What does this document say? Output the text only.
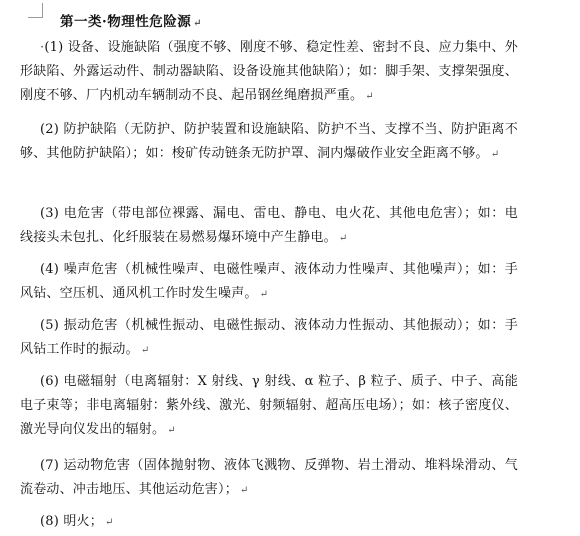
第一类·物理性危险源 ↵
·(1) 设备、设施缺陷（强度不够、刚度不够、稳定性差、密封不良、应力集中、外形缺陷、外露运动件、制动器缺陷、设备设施其他缺陷）；如：脚手架、支撑架强度、刚度不够、厂内机动车辆制动不良、起吊钢丝绳磨损严重。 ↵
(2) 防护缺陷（无防护、防护装置和设施缺陷、防护不当、支撑不当、防护距离不够、其他防护缺陷）；如：梭矿传动链条无防护罩、洞内爆破作业安全距离不够。 ↵
(3) 电危害（带电部位裸露、漏电、雷电、静电、电火花、其他电危害）；如：电线接头未包扎、化纤服装在易燃易爆环境中产生静电。 ↵
(4) 噪声危害（机械性噪声、电磁性噪声、液体动力性噪声、其他噪声）；如：手风钻、空压机、通风机工作时发生噪声。 ↵
(5) 振动危害（机械性振动、电磁性振动、液体动力性振动、其他振动）；如：手风钻工作时的振动。 ↵
(6) 电磁辐射（电离辐射：X 射线、γ 射线、α 粒子、β 粒子、质子、中子、高能电子束等；非电离辐射：紫外线、激光、射频辐射、超高压电场）；如：核子密度仪、激光导向仪发出的辐射。 ↵
(7) 运动物危害（固体抛射物、液体飞溅物、反弹物、岩土滑动、堆料垛滑动、气流卷动、冲击地压、其他运动危害）； ↵
(8) 明火； ↵
